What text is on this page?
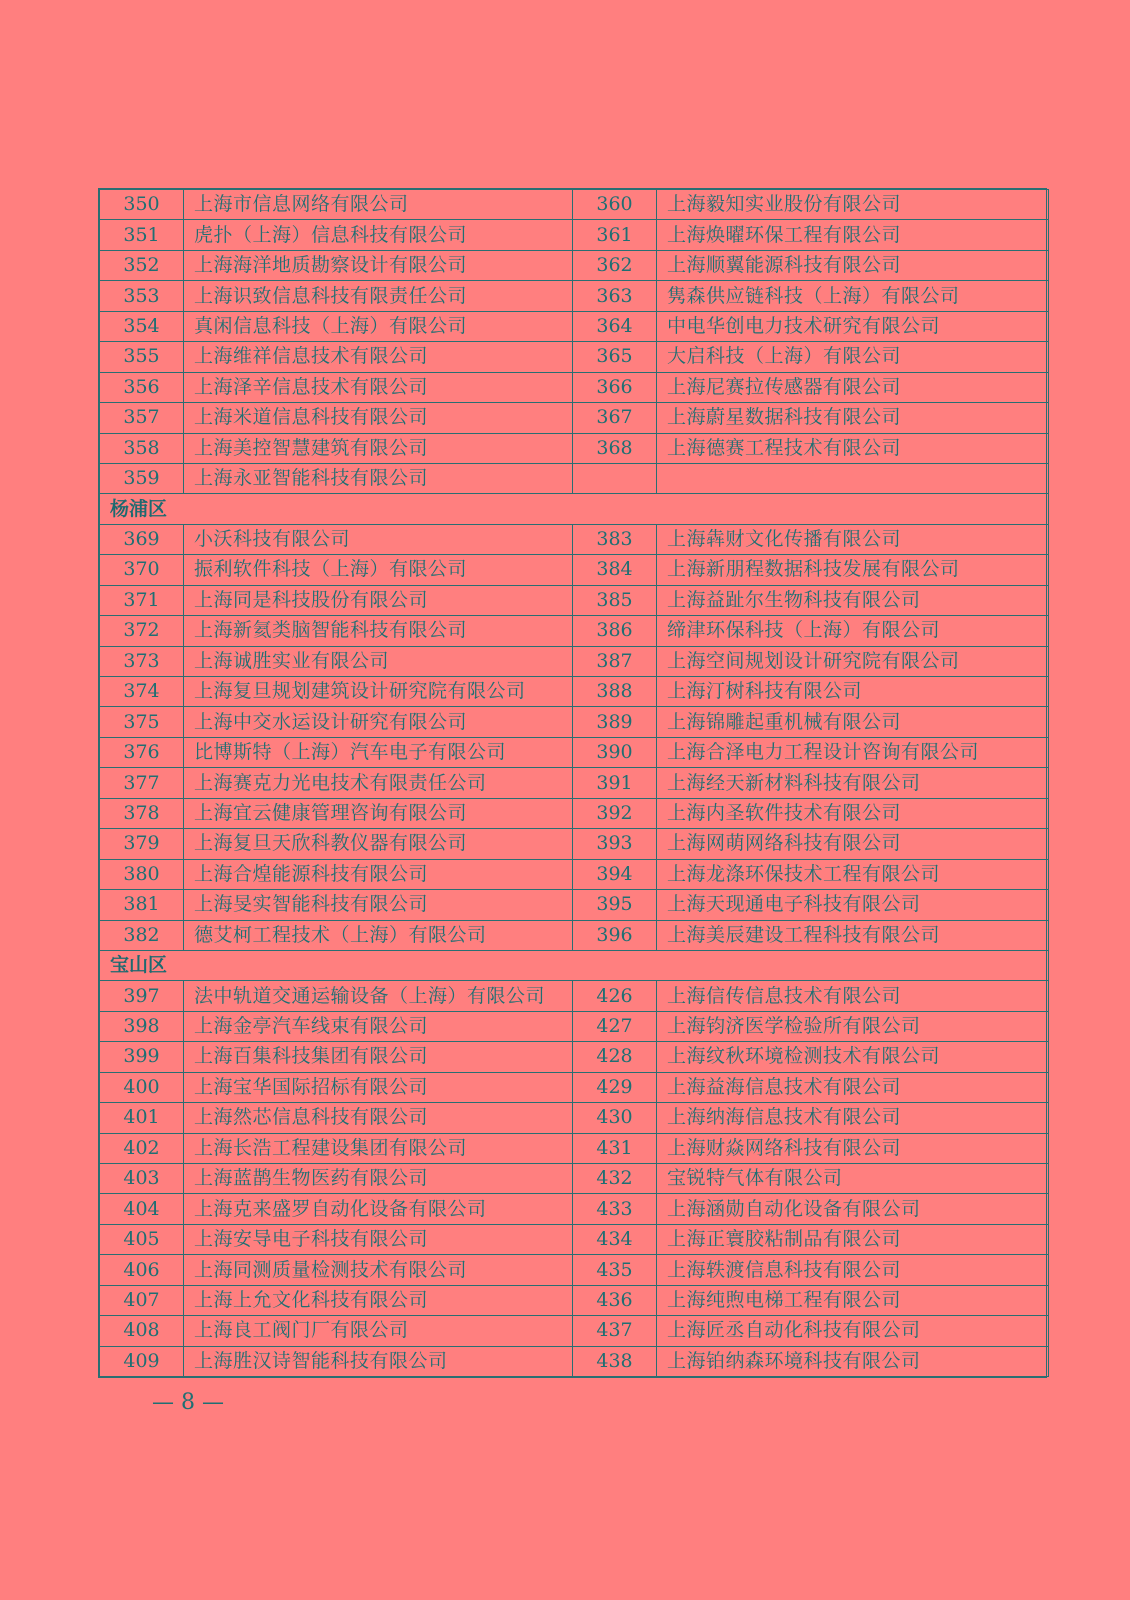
350	上海市信息网络有限公司	360	上海毅知实业股份有限公司
351	虎扑（上海）信息科技有限公司	361	上海焕曜环保工程有限公司
352	上海海洋地质勘察设计有限公司	362	上海顺翼能源科技有限公司
353	上海识致信息科技有限责任公司	363	隽森供应链科技（上海）有限公司
354	真闲信息科技（上海）有限公司	364	中电华创电力技术研究有限公司
355	上海维祥信息技术有限公司	365	大启科技（上海）有限公司
356	上海泽辛信息技术有限公司	366	上海尼赛拉传感器有限公司
357	上海米道信息科技有限公司	367	上海蔚星数据科技有限公司
358	上海美控智慧建筑有限公司	368	上海德赛工程技术有限公司
359	上海永亚智能科技有限公司		
杨浦区			
369	小沃科技有限公司	383	上海犇财文化传播有限公司
370	振利软件科技（上海）有限公司	384	上海新朋程数据科技发展有限公司
371	上海同是科技股份有限公司	385	上海益趾尔生物科技有限公司
372	上海新氦类脑智能科技有限公司	386	缔津环保科技（上海）有限公司
373	上海诚胜实业有限公司	387	上海空间规划设计研究院有限公司
374	上海复旦规划建筑设计研究院有限公司	388	上海汀树科技有限公司
375	上海中交水运设计研究有限公司	389	上海锦雕起重机械有限公司
376	比博斯特（上海）汽车电子有限公司	390	上海合泽电力工程设计咨询有限公司
377	上海赛克力光电技术有限责任公司	391	上海经天新材料科技有限公司
378	上海宜云健康管理咨询有限公司	392	上海内圣软件技术有限公司
379	上海复旦天欣科教仪器有限公司	393	上海网萌网络科技有限公司
380	上海合煌能源科技有限公司	394	上海龙涤环保技术工程有限公司
381	上海旻实智能科技有限公司	395	上海天现通电子科技有限公司
382	德艾柯工程技术（上海）有限公司	396	上海美辰建设工程科技有限公司
宝山区			
397	法中轨道交通运输设备（上海）有限公司	426	上海信传信息技术有限公司
398	上海金亭汽车线束有限公司	427	上海钧济医学检验所有限公司
399	上海百集科技集团有限公司	428	上海纹秋环境检测技术有限公司
400	上海宝华国际招标有限公司	429	上海益海信息技术有限公司
401	上海然芯信息科技有限公司	430	上海纳海信息技术有限公司
402	上海长浩工程建设集团有限公司	431	上海财焱网络科技有限公司
403	上海蓝鹊生物医药有限公司	432	宝锐特气体有限公司
404	上海克来盛罗自动化设备有限公司	433	上海涵勋自动化设备有限公司
405	上海安导电子科技有限公司	434	上海正寰胶粘制品有限公司
406	上海同测质量检测技术有限公司	435	上海轶渡信息科技有限公司
407	上海上允文化科技有限公司	436	上海纯煦电梯工程有限公司
408	上海良工阀门厂有限公司	437	上海匠丞自动化科技有限公司
409	上海胜汉诗智能科技有限公司	438	上海铂纳森环境科技有限公司
— 8 —
